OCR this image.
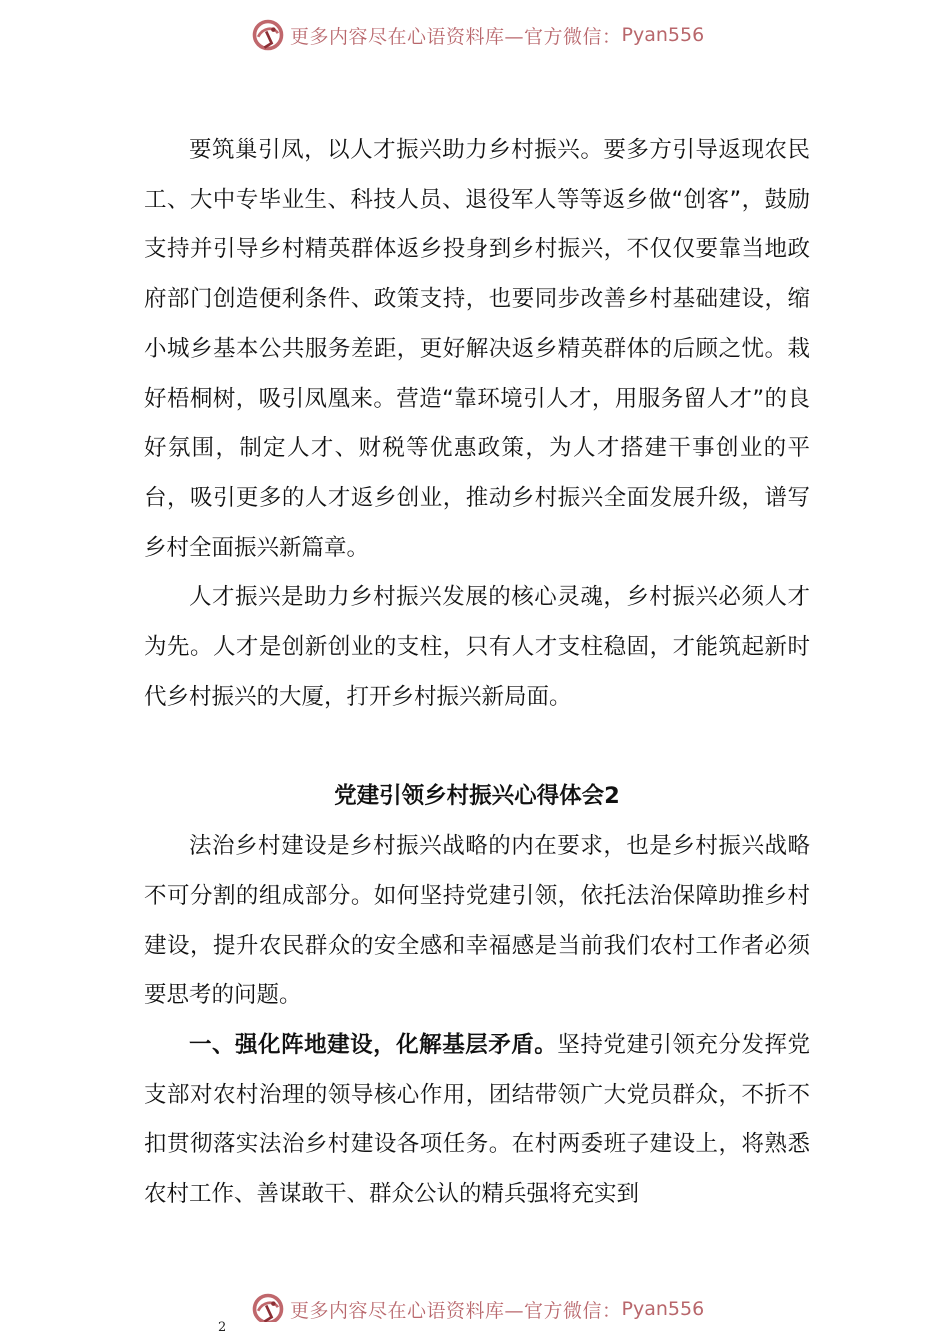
更多内容尽在心语资料库—官方微信： Pyan556

要筑巢引凤，以人才振兴助力乡村振兴。要多方引导返现农民工、大中专毕业生、科技人员、退役军人等等返乡做“创客”，鼓励支持并引导乡村精英群体返乡投身到乡村振兴，不仅仅要靠当地政府部门创造便利条件、政策支持，也要同步改善乡村基础建设，缩小城乡基本公共服务差距，更好解决返乡精英群体的后顾之忧。栽好梧桐树，吸引凤凰来。营造“靠环境引人才，用服务留人才”的良好氛围，制定人才、财税等优惠政策，为人才搭建干事创业的平台，吸引更多的人才返乡创业，推动乡村振兴全面发展升级，谱写乡村全面振兴新篇章。

人才振兴是助力乡村振兴发展的核心灵魂，乡村振兴必须人才为先。人才是创新创业的支柱，只有人才支柱稳固，才能筑起新时代乡村振兴的大厦，打开乡村振兴新局面。

党建引领乡村振兴心得体会2

法治乡村建设是乡村振兴战略的内在要求，也是乡村振兴战略不可分割的组成部分。如何坚持党建引领，依托法治保障助推乡村建设，提升农民群众的安全感和幸福感是当前我们农村工作者必须要思考的问题。

一、强化阵地建设，化解基层矛盾。坚持党建引领充分发挥党支部对农村治理的领导核心作用，团结带领广大党员群众，不折不扣贯彻落实法治乡村建设各项任务。在村两委班子建设上，将熟悉农村工作、善谋敢干、群众公认的精兵强将充实到

更多内容尽在心语资料库—官方微信： Pyan556
2
